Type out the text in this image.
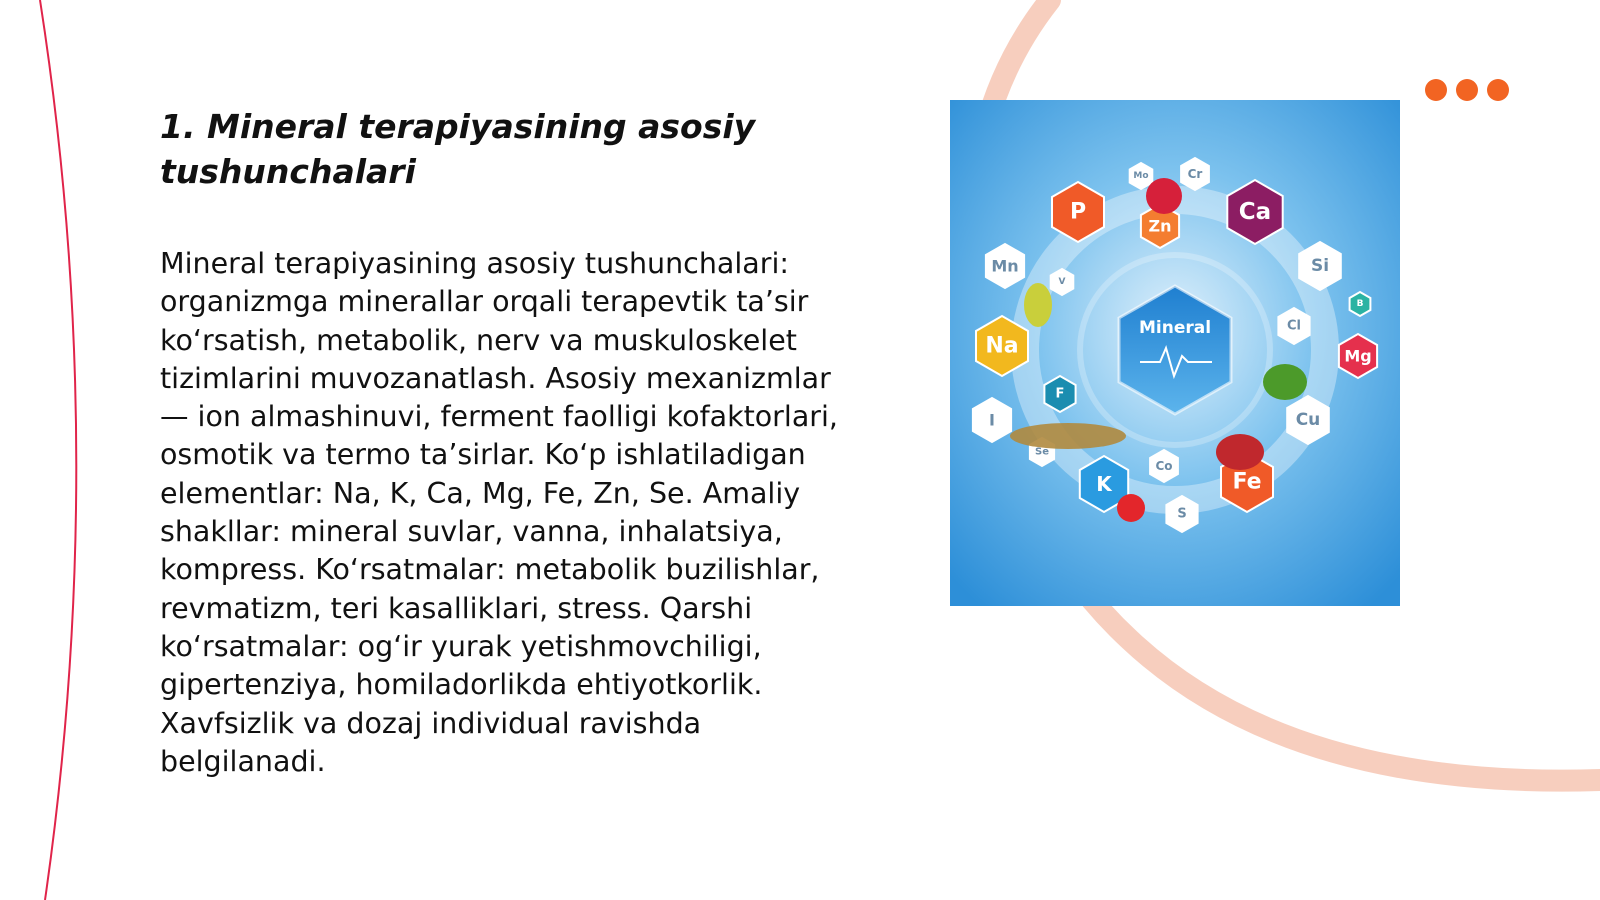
1. Mineral terapiyasining asosiy tushunchalari

Mineral terapiyasining asosiy tushunchalari: organizmga minerallar orqali terapevtik ta’sir ko‘rsatish, metabolik, nerv va muskuloskelet tizimlarini muvozanatlash. Asosiy mexanizmlar — ion almashinuvi, ferment faolligi kofaktorlari, osmotik va termo ta’sirlar. Ko‘p ishlatiladigan elementlar: Na, K, Ca, Mg, Fe, Zn, Se. Amaliy shakllar: mineral suvlar, vanna, inhalatsiya, kompress. Ko‘rsatmalar: metabolik buzilishlar, revmatizm, teri kasalliklari, stress. Qarshi ko‘rsatmalar: og‘ir yurak yetishmovchiligi, gipertenziya, homiladorlikda ehtiyotkorlik. Xavfsizlik va dozaj individual ravishda belgilanadi.

Mineral
P
Zn
Mo	Cr
Ca
Si
Mn
V
Na
Cl
B
Mg
F
I
Se
Cu
Co
K
S
Fe
